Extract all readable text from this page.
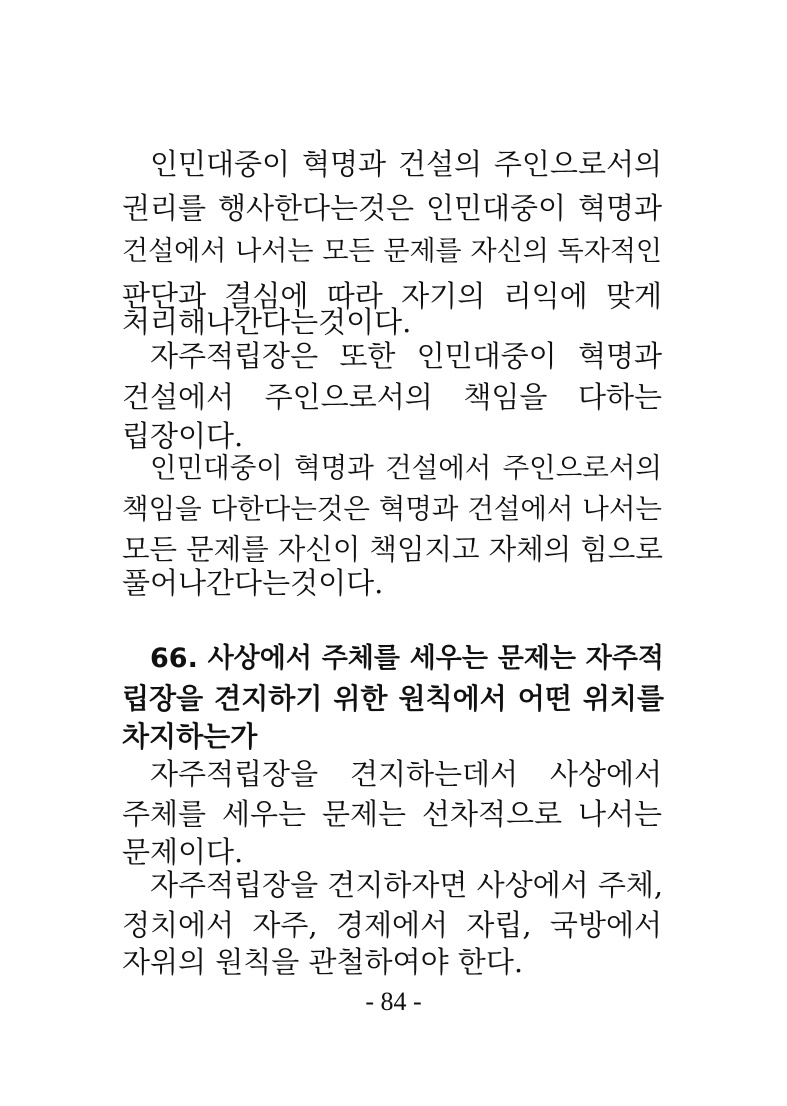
인민대중이 혁명과 건설의 주인으로서의
권리를 행사한다는것은 인민대중이 혁명과
건설에서 나서는 모든 문제를 자신의 독자적인
판단과 결심에 따라 자기의 리익에 맞게
처리해나간다는것이다.
자주적립장은 또한 인민대중이 혁명과
건설에서 주인으로서의 책임을 다하는
립장이다.
인민대중이 혁명과 건설에서 주인으로서의
책임을 다한다는것은 혁명과 건설에서 나서는
모든 문제를 자신이 책임지고 자체의 힘으로
풀어나간다는것이다.
66. 사상에서 주체를 세우는 문제는 자주적
립장을 견지하기 위한 원칙에서 어떤 위치를
차지하는가
자주적립장을 견지하는데서 사상에서
주체를 세우는 문제는 선차적으로 나서는
문제이다.
자주적립장을 견지하자면 사상에서 주체,
정치에서 자주, 경제에서 자립, 국방에서
자위의 원칙을 관철하여야 한다.
- 84 -
